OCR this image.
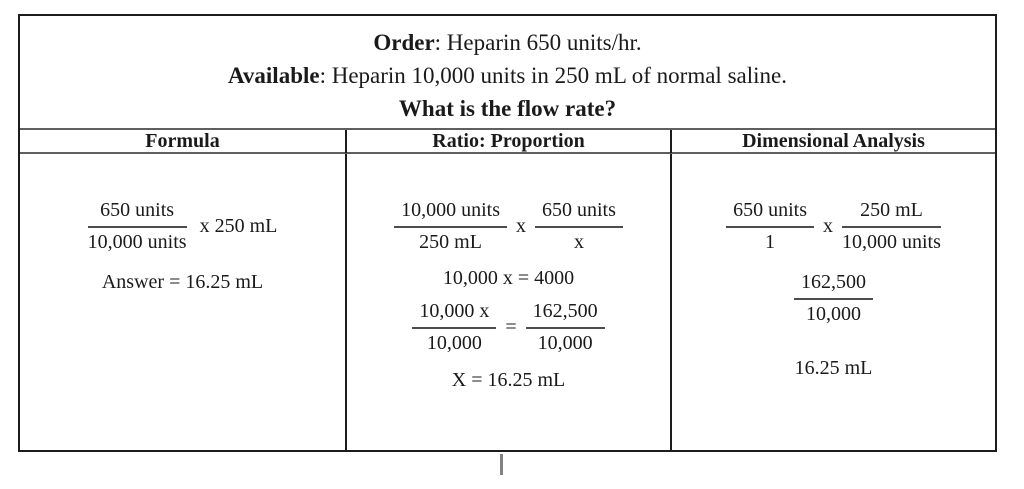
Order: Heparin 650 units/hr.
Available: Heparin 10,000 units in 250 mL of normal saline.
What is the flow rate?
Formula	Ratio: Proportion	Dimensional Analysis
$\frac{\text{650 units}}{\text{10,000 units}}$ x 250 mL
Answer = 16.25 mL
$\frac{\text{10,000 units}}{250 mL}$ x $\frac{\text{650 units}}{x}$
10,000 x = 4000
$\frac{10,000 x}{10,000} = \frac{162,500}{10,000}$
X = 16.25 mL
$\frac{\text{650 units}}{1}$ x $\frac{250 mL}{\text{10,000 units}}$
$\frac{162,500}{10,000}$
16.25 mL
